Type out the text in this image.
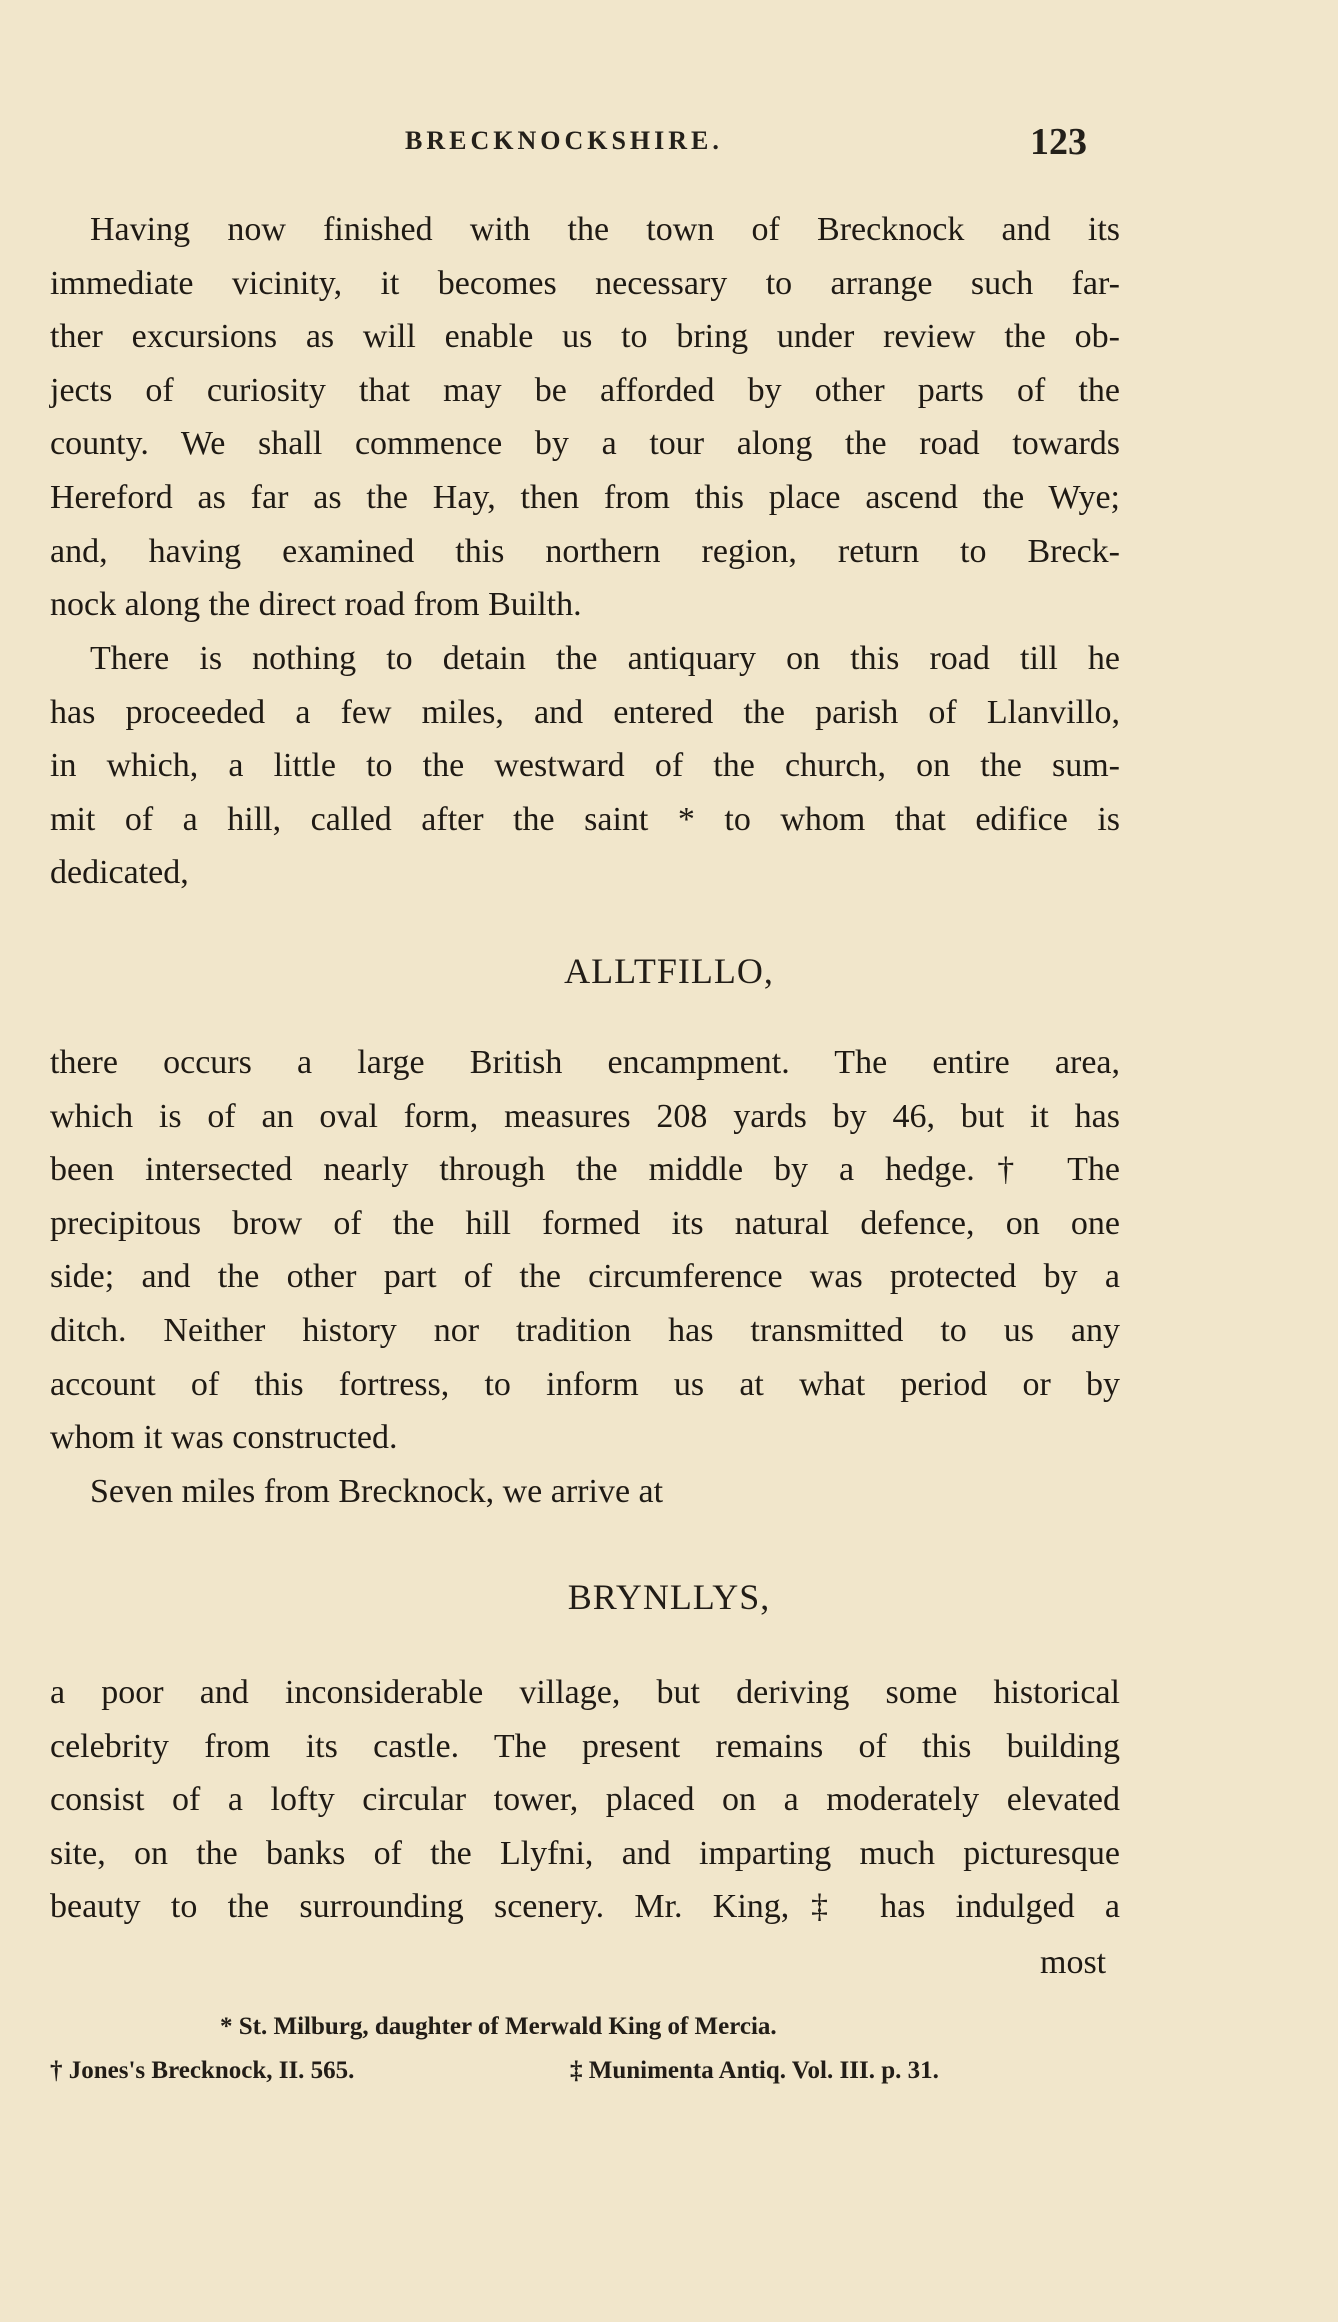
BRECKNOCKSHIRE.	123
Having now finished with the town of Brecknock and its
immediate vicinity, it becomes necessary to arrange such far-
ther excursions as will enable us to bring under review the ob-
jects of curiosity that may be afforded by other parts of the
county. We shall commence by a tour along the road towards
Hereford as far as the Hay, then from this place ascend the Wye;
and, having examined this northern region, return to Breck-
nock along the direct road from Builth.
There is nothing to detain the antiquary on this road till he
has proceeded a few miles, and entered the parish of Llanvillo,
in which, a little to the westward of the church, on the sum-
mit of a hill, called after the saint * to whom that edifice is
dedicated,
ALLTFILLO,
there occurs a large British encampment. The entire area,
which is of an oval form, measures 208 yards by 46, but it has
been intersected nearly through the middle by a hedge.† The
precipitous brow of the hill formed its natural defence, on one
side; and the other part of the circumference was protected by a
ditch. Neither history nor tradition has transmitted to us any
account of this fortress, to inform us at what period or by
whom it was constructed.
Seven miles from Brecknock, we arrive at
BRYNLLYS,
a poor and inconsiderable village, but deriving some historical
celebrity from its castle. The present remains of this building
consist of a lofty circular tower, placed on a moderately elevated
site, on the banks of the Llyfni, and imparting much picturesque
beauty to the surrounding scenery. Mr. King,‡ has indulged a
most
* St. Milburg, daughter of Merwald King of Mercia.
† Jones's Brecknock, II. 565.	‡ Munimenta Antiq. Vol. III. p. 31.
